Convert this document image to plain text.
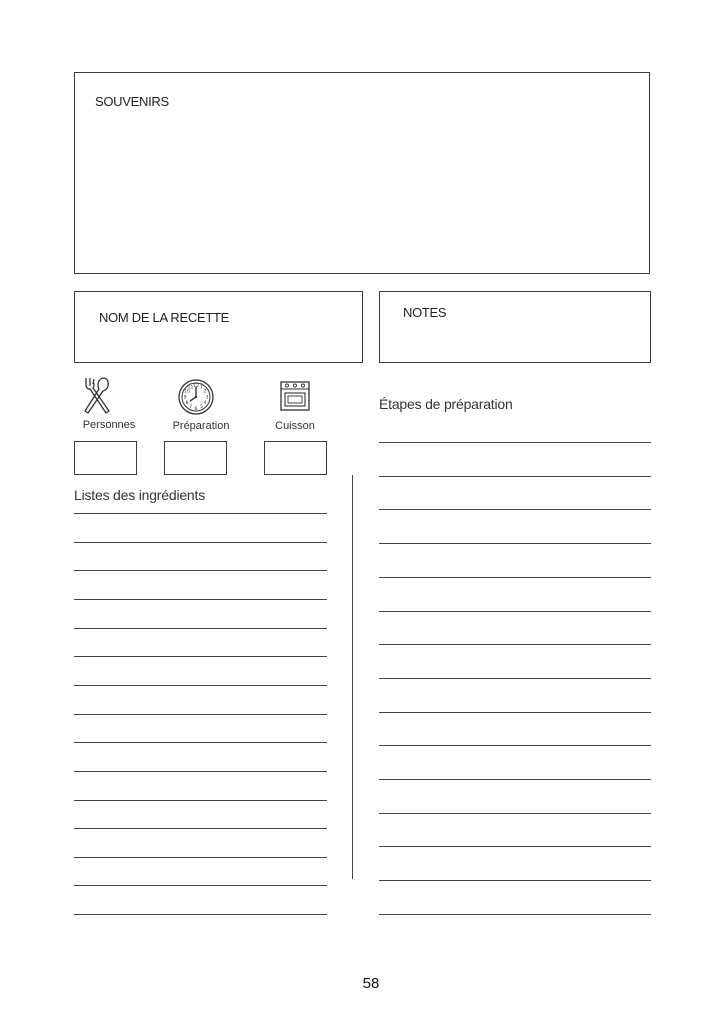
SOUVENIRS
NOM DE LA RECETTE	NOTES
Personnes
12 1
2
3
4
5
6
7
8
9
10
11
Préparation	Cuisson
Listes des ingrédients
Étapes de préparation
58
